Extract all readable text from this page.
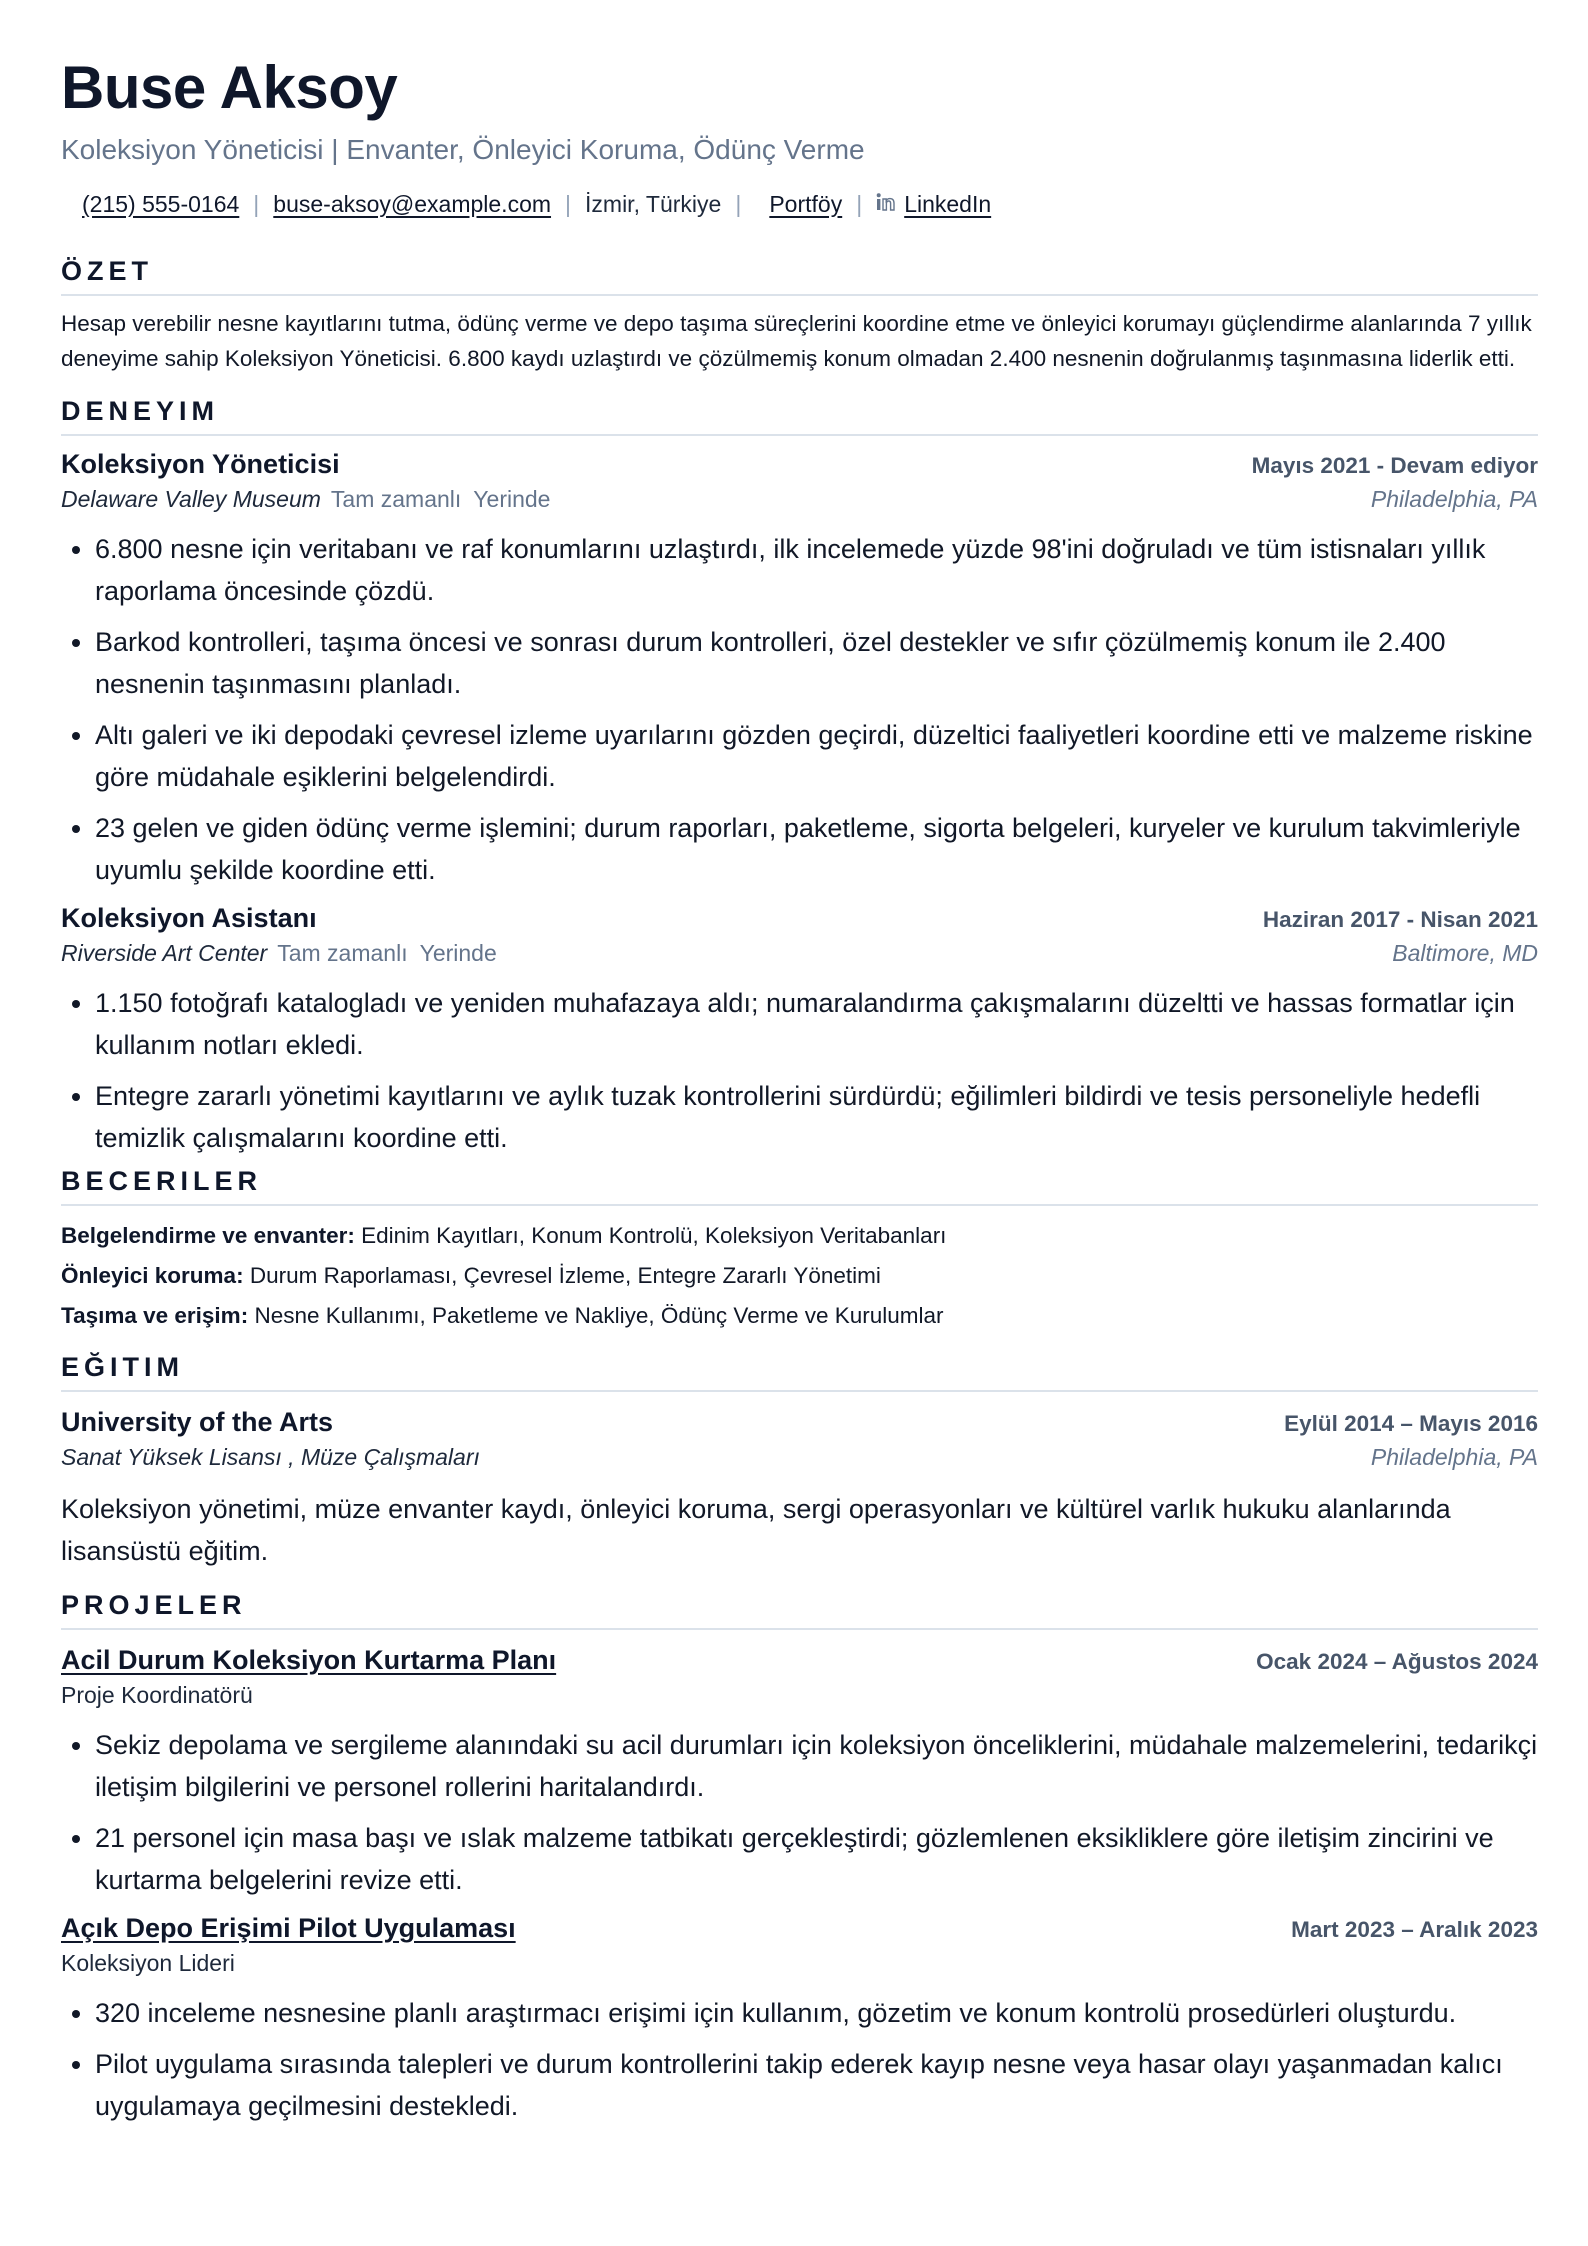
Buse Aksoy
Koleksiyon Yöneticisi | Envanter, Önleyici Koruma, Ödünç Verme
(215) 555-0164 | buse-aksoy@example.com | İzmir, Türkiye | Portföy | LinkedIn
ÖZET
Hesap verebilir nesne kayıtlarını tutma, ödünç verme ve depo taşıma süreçlerini koordine etme ve önleyici korumayı güçlendirme alanlarında 7 yıllık deneyime sahip Koleksiyon Yöneticisi. 6.800 kaydı uzlaştırdı ve çözülmemiş konum olmadan 2.400 nesnenin doğrulanmış taşınmasına liderlik etti.
DENEYIM
Koleksiyon Yöneticisi	Mayıs 2021 - Devam ediyor
Delaware Valley Museum Tam zamanlı Yerinde	Philadelphia, PA
• 6.800 nesne için veritabanı ve raf konumlarını uzlaştırdı, ilk incelemede yüzde 98'ini doğruladı ve tüm istisnaları yıllık raporlama öncesinde çözdü.
• Barkod kontrolleri, taşıma öncesi ve sonrası durum kontrolleri, özel destekler ve sıfır çözülmemiş konum ile 2.400 nesnenin taşınmasını planladı.
• Altı galeri ve iki depodaki çevresel izleme uyarılarını gözden geçirdi, düzeltici faaliyetleri koordine etti ve malzeme riskine göre müdahale eşiklerini belgelendirdi.
• 23 gelen ve giden ödünç verme işlemini; durum raporları, paketleme, sigorta belgeleri, kuryeler ve kurulum takvimleriyle uyumlu şekilde koordine etti.
Koleksiyon Asistanı	Haziran 2017 - Nisan 2021
Riverside Art Center Tam zamanlı Yerinde	Baltimore, MD
• 1.150 fotoğrafı katalogladı ve yeniden muhafazaya aldı; numaralandırma çakışmalarını düzeltti ve hassas formatlar için kullanım notları ekledi.
• Entegre zararlı yönetimi kayıtlarını ve aylık tuzak kontrollerini sürdürdü; eğilimleri bildirdi ve tesis personeliyle hedefli temizlik çalışmalarını koordine etti.
BECERILER
Belgelendirme ve envanter: Edinim Kayıtları, Konum Kontrolü, Koleksiyon Veritabanları
Önleyici koruma: Durum Raporlaması, Çevresel İzleme, Entegre Zararlı Yönetimi
Taşıma ve erişim: Nesne Kullanımı, Paketleme ve Nakliye, Ödünç Verme ve Kurulumlar
EĞITIM
University of the Arts	Eylül 2014 – Mayıs 2016
Sanat Yüksek Lisansı , Müze Çalışmaları	Philadelphia, PA
Koleksiyon yönetimi, müze envanter kaydı, önleyici koruma, sergi operasyonları ve kültürel varlık hukuku alanlarında lisansüstü eğitim.
PROJELER
Acil Durum Koleksiyon Kurtarma Planı	Ocak 2024 – Ağustos 2024
Proje Koordinatörü
• Sekiz depolama ve sergileme alanındaki su acil durumları için koleksiyon önceliklerini, müdahale malzemelerini, tedarikçi iletişim bilgilerini ve personel rollerini haritalandırdı.
• 21 personel için masa başı ve ıslak malzeme tatbikatı gerçekleştirdi; gözlemlenen eksikliklere göre iletişim zincirini ve kurtarma belgelerini revize etti.
Açık Depo Erişimi Pilot Uygulaması	Mart 2023 – Aralık 2023
Koleksiyon Lideri
• 320 inceleme nesnesine planlı araştırmacı erişimi için kullanım, gözetim ve konum kontrolü prosedürleri oluşturdu.
• Pilot uygulama sırasında talepleri ve durum kontrollerini takip ederek kayıp nesne veya hasar olayı yaşanmadan kalıcı uygulamaya geçilmesini destekledi.
